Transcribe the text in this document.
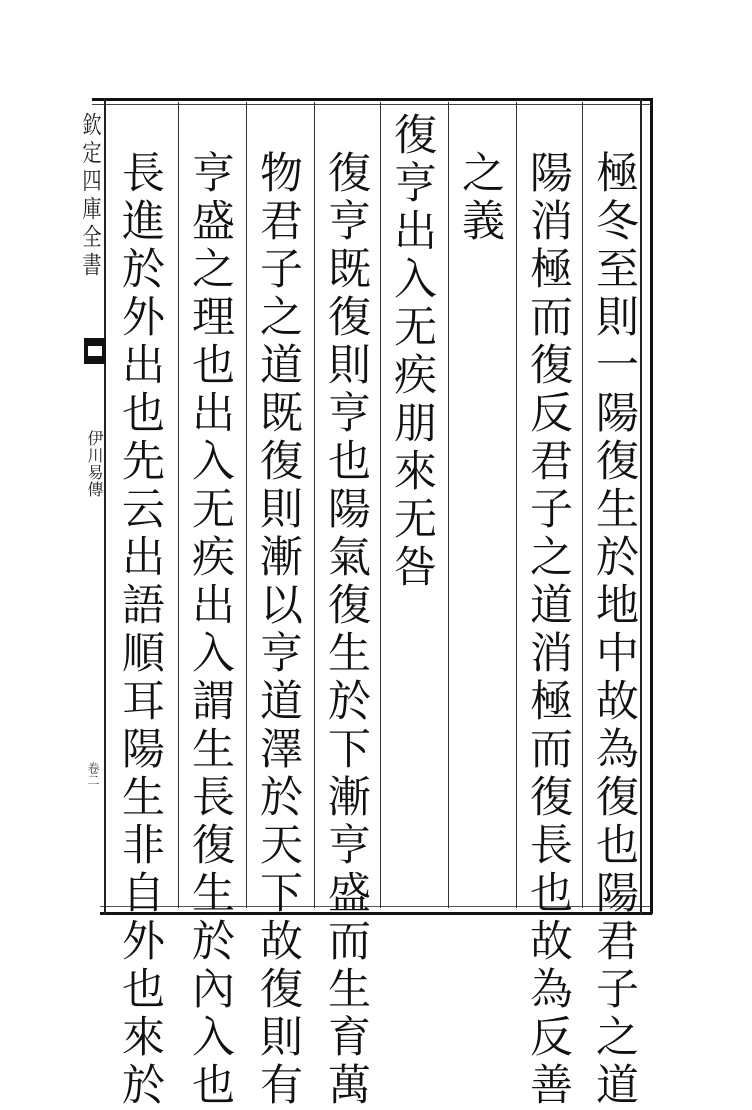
欽定四庫全書
伊川易傳
卷二	極冬至則一陽復生於地中故為復也陽君子之道
陽消極而復反君子之道消極而復長也故為反善
之義
復亨出入无疾朋來无咎
復亨既復則亨也陽氣復生於下漸亨盛而生育萬
物君子之道既復則漸以亨道澤於天下故復則有
亨盛之理也出入无疾出入謂生長復生於內入也
長進於外出也先云出語順耳陽生非自外也來於
